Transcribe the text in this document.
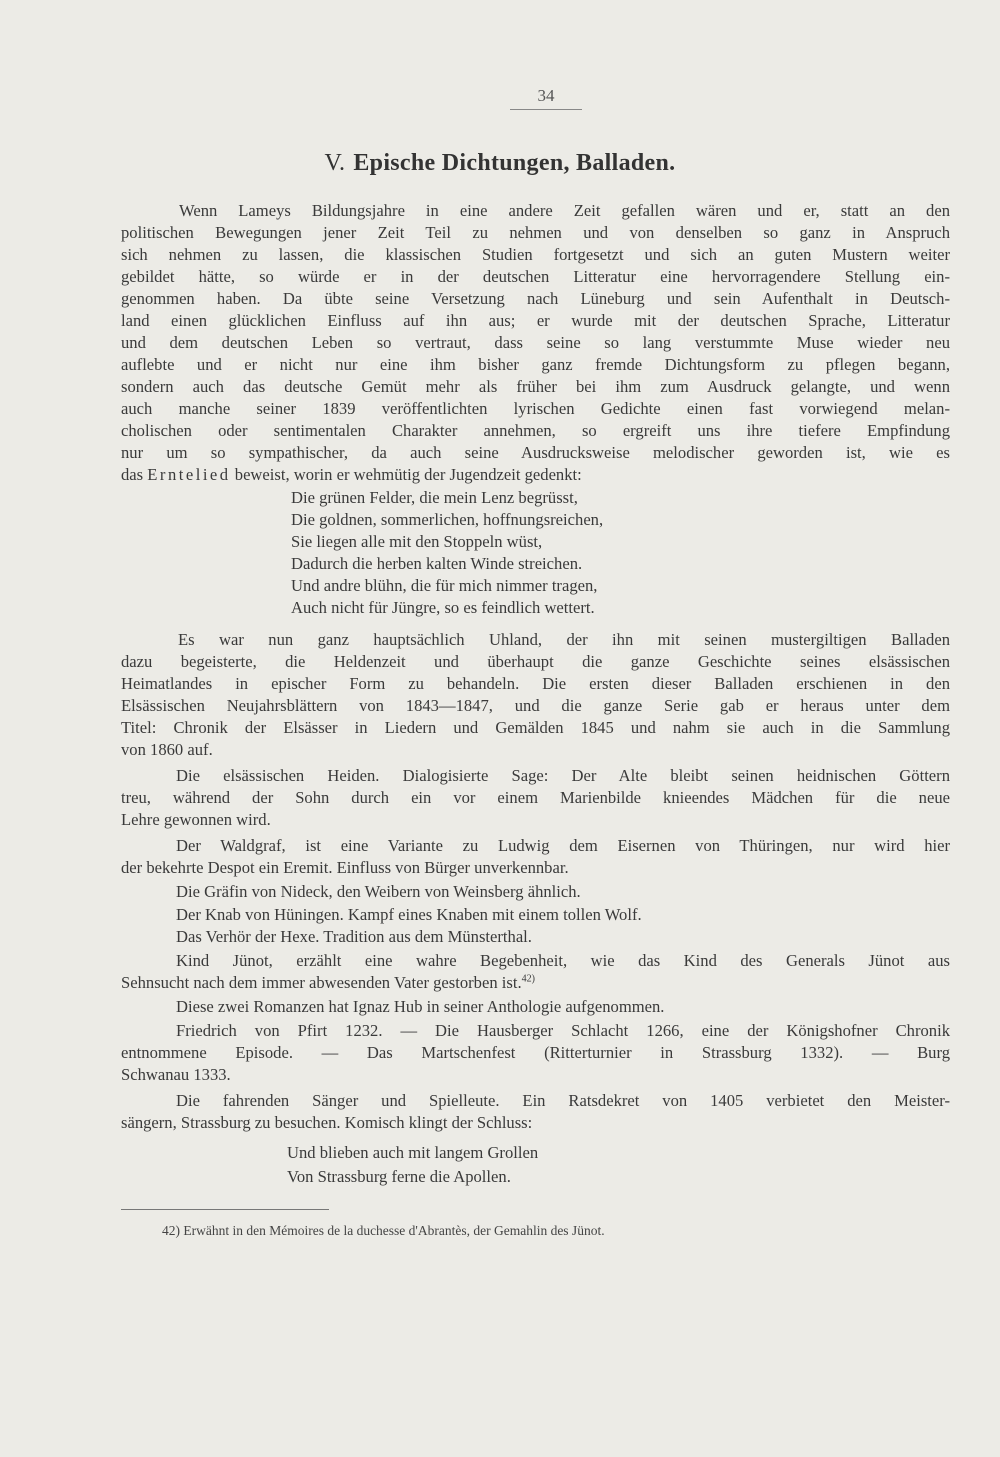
34
V. Epische Dichtungen, Balladen.
Wenn Lameys Bildungsjahre in eine andere Zeit gefallen wären und er, statt an den
politischen Bewegungen jener Zeit Teil zu nehmen und von denselben so ganz in Anspruch
sich nehmen zu lassen, die klassischen Studien fortgesetzt und sich an guten Mustern weiter
gebildet hätte, so würde er in der deutschen Litteratur eine hervorragendere Stellung ein-
genommen haben. Da übte seine Versetzung nach Lüneburg und sein Aufenthalt in Deutsch-
land einen glücklichen Einfluss auf ihn aus; er wurde mit der deutschen Sprache, Litteratur
und dem deutschen Leben so vertraut, dass seine so lang verstummte Muse wieder neu
auflebte und er nicht nur eine ihm bisher ganz fremde Dichtungsform zu pflegen begann,
sondern auch das deutsche Gemüt mehr als früher bei ihm zum Ausdruck gelangte, und wenn
auch manche seiner 1839 veröffentlichten lyrischen Gedichte einen fast vorwiegend melan-
cholischen oder sentimentalen Charakter annehmen, so ergreift uns ihre tiefere Empfindung
nur um so sympathischer, da auch seine Ausdrucksweise melodischer geworden ist, wie es
das Erntelied beweist, worin er wehmütig der Jugendzeit gedenkt:
Die grünen Felder, die mein Lenz begrüsst,
Die goldnen, sommerlichen, hoffnungsreichen,
Sie liegen alle mit den Stoppeln wüst,
Dadurch die herben kalten Winde streichen.
Und andre blühn, die für mich nimmer tragen,
Auch nicht für Jüngre, so es feindlich wettert.
Es war nun ganz hauptsächlich Uhland, der ihn mit seinen mustergiltigen Balladen
dazu begeisterte, die Heldenzeit und überhaupt die ganze Geschichte seines elsässischen
Heimatlandes in epischer Form zu behandeln. Die ersten dieser Balladen erschienen in den
Elsässischen Neujahrsblättern von 1843—1847, und die ganze Serie gab er heraus unter dem
Titel: Chronik der Elsässer in Liedern und Gemälden 1845 und nahm sie auch in die Sammlung
von 1860 auf.
Die elsässischen Heiden. Dialogisierte Sage: Der Alte bleibt seinen heidnischen Göttern
treu, während der Sohn durch ein vor einem Marienbilde knieendes Mädchen für die neue
Lehre gewonnen wird.
Der Waldgraf, ist eine Variante zu Ludwig dem Eisernen von Thüringen, nur wird hier
der bekehrte Despot ein Eremit. Einfluss von Bürger unverkennbar.
Die Gräfin von Nideck, den Weibern von Weinsberg ähnlich.
Der Knab von Hüningen. Kampf eines Knaben mit einem tollen Wolf.
Das Verhör der Hexe. Tradition aus dem Münsterthal.
Kind Jünot, erzählt eine wahre Begebenheit, wie das Kind des Generals Jünot aus
Sehnsucht nach dem immer abwesenden Vater gestorben ist.$^{42)}$
Diese zwei Romanzen hat Ignaz Hub in seiner Anthologie aufgenommen.
Friedrich von Pfirt 1232. — Die Hausberger Schlacht 1266, eine der Königshofner Chronik
entnommene Episode. — Das Martschenfest (Ritterturnier in Strassburg 1332). — Burg
Schwanau 1333.
Die fahrenden Sänger und Spielleute. Ein Ratsdekret von 1405 verbietet den Meister-
sängern, Strassburg zu besuchen. Komisch klingt der Schluss:
Und blieben auch mit langem Grollen
Von Strassburg ferne die Apollen.
42) Erwähnt in den Mémoires de la duchesse d'Abrantès, der Gemahlin des Jünot.
